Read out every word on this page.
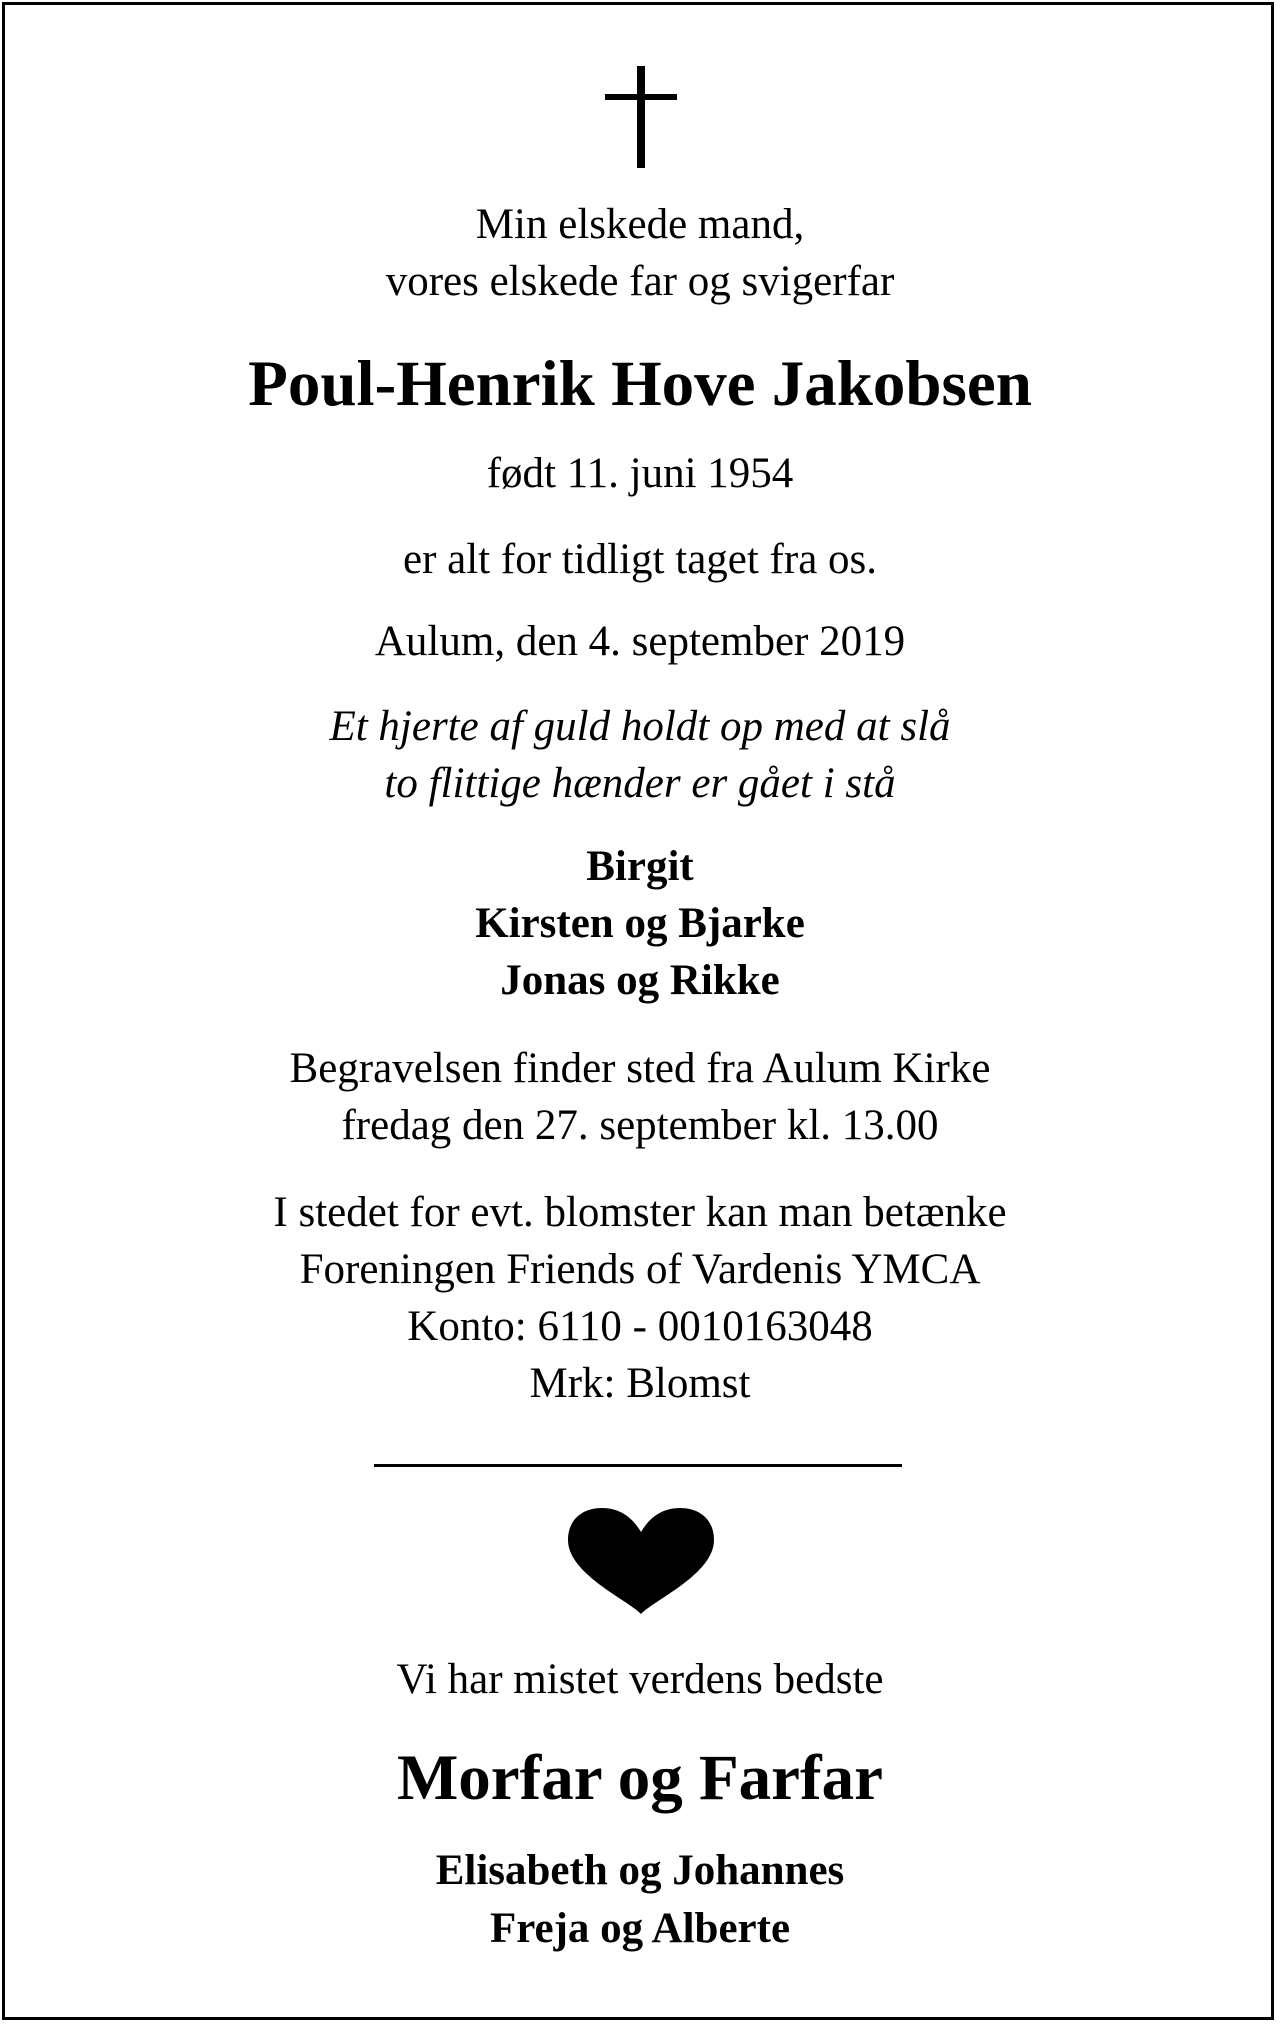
Min elskede mand,
vores elskede far og svigerfar
Poul-Henrik Hove Jakobsen
født 11. juni 1954
er alt for tidligt taget fra os.
Aulum, den 4. september 2019
Et hjerte af guld holdt op med at slå
to flittige hænder er gået i stå
Birgit
Kirsten og Bjarke
Jonas og Rikke
Begravelsen finder sted fra Aulum Kirke
fredag den 27. september kl. 13.00
I stedet for evt. blomster kan man betænke
Foreningen Friends of Vardenis YMCA
Konto: 6110 - 0010163048
Mrk: Blomst
Vi har mistet verdens bedste
Morfar og Farfar
Elisabeth og Johannes
Freja og Alberte
